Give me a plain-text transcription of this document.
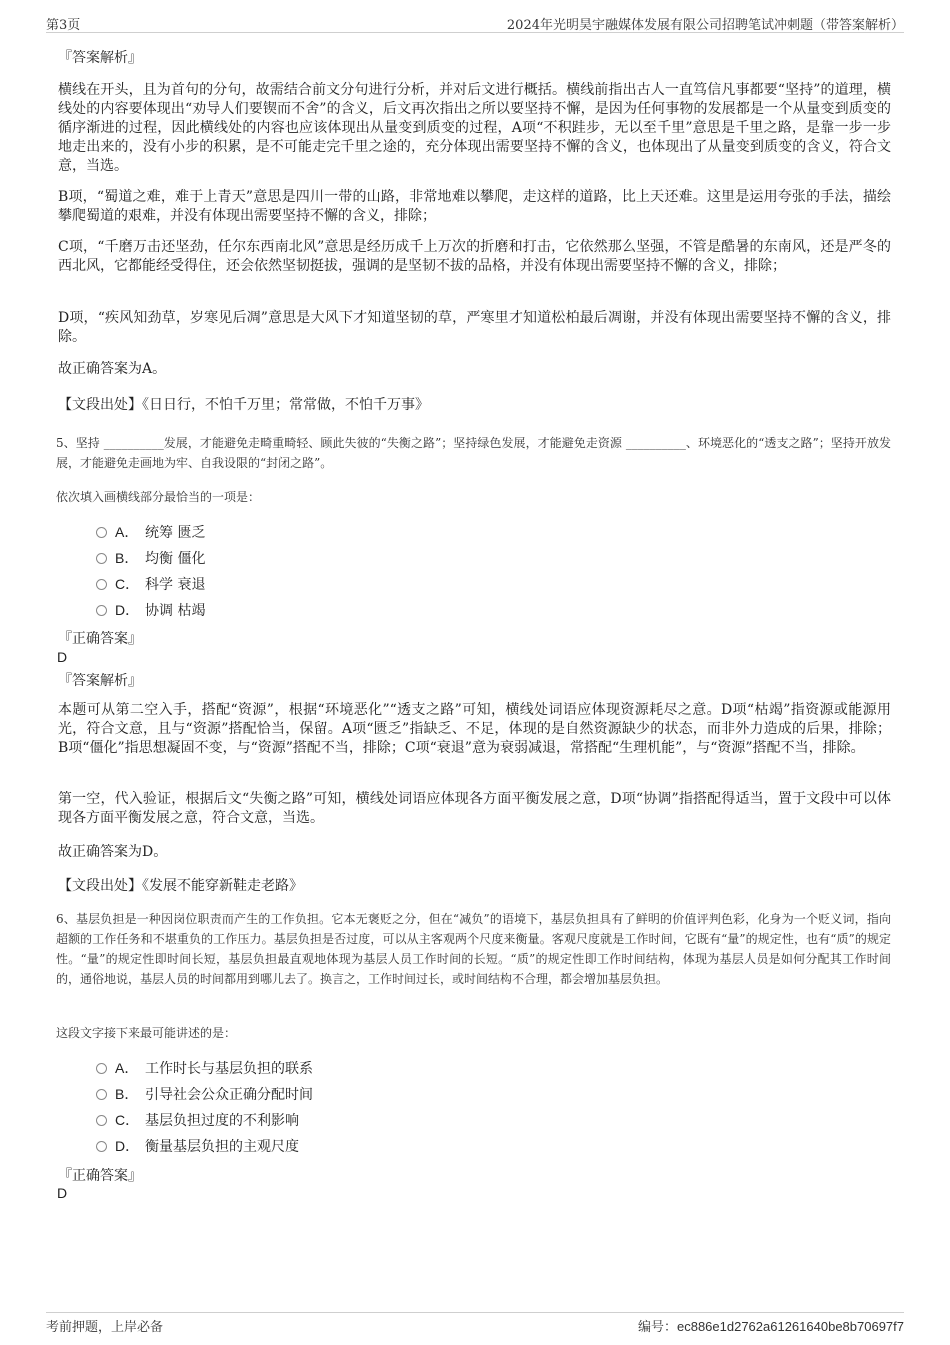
第3页	2024年光明昊宇融媒体发展有限公司招聘笔试冲刺题（带答案解析）
『答案解析』

横线在开头，且为首句的分句，故需结合前文分句进行分析，并对后文进行概括。横线前指出古人一直笃信凡事都要“坚持”的道理，横线处的内容要体现出“劝导人们要锲而不舍”的含义，后文再次指出之所以要坚持不懈，是因为任何事物的发展都是一个从量变到质变的循序渐进的过程，因此横线处的内容也应该体现出从量变到质变的过程，A项“不积跬步，无以至千里”意思是千里之路，是靠一步一步地走出来的，没有小步的积累，是不可能走完千里之途的，充分体现出需要坚持不懈的含义，也体现出了从量变到质变的含义，符合文意，当选。

B项，“蜀道之难，难于上青天”意思是四川一带的山路，非常地难以攀爬，走这样的道路，比上天还难。这里是运用夸张的手法，描绘攀爬蜀道的艰难，并没有体现出需要坚持不懈的含义，排除；

C项，“千磨万击还坚劲，任尔东西南北风”意思是经历成千上万次的折磨和打击，它依然那么坚强，不管是酷暑的东南风，还是严冬的西北风，它都能经受得住，还会依然坚韧挺拔，强调的是坚韧不拔的品格，并没有体现出需要坚持不懈的含义，排除；

D项，“疾风知劲草，岁寒见后凋”意思是大风下才知道坚韧的草，严寒里才知道松柏最后凋谢，并没有体现出需要坚持不懈的含义，排除。

故正确答案为A。

【文段出处】《日日行，不怕千万里；常常做，不怕千万事》

5、坚持 __________发展，才能避免走畸重畸轻、顾此失彼的“失衡之路”；坚持绿色发展，才能避免走资源 __________、环境恶化的“透支之路”；坚持开放发展，才能避免走画地为牢、自我设限的“封闭之路”。

依次填入画横线部分最恰当的一项是：
A． 统筹 匮乏
B． 均衡 僵化
C． 科学 衰退
D． 协调 枯竭
『正确答案』
D
『答案解析』

本题可从第二空入手，搭配“资源”，根据“环境恶化”“透支之路”可知，横线处词语应体现资源耗尽之意。D项“枯竭”指资源或能源用光，符合文意，且与“资源”搭配恰当，保留。A项“匮乏”指缺乏、不足，体现的是自然资源缺少的状态，而非外力造成的后果，排除；B项“僵化”指思想凝固不变，与“资源”搭配不当，排除；C项“衰退”意为衰弱减退，常搭配“生理机能”，与“资源”搭配不当，排除。

第一空，代入验证，根据后文“失衡之路”可知，横线处词语应体现各方面平衡发展之意，D项“协调”指搭配得适当，置于文段中可以体现各方面平衡发展之意，符合文意，当选。

故正确答案为D。

【文段出处】《发展不能穿新鞋走老路》

6、基层负担是一种因岗位职责而产生的工作负担。它本无褒贬之分，但在“减负”的语境下，基层负担具有了鲜明的价值评判色彩，化身为一个贬义词，指向超额的工作任务和不堪重负的工作压力。基层负担是否过度，可以从主客观两个尺度来衡量。客观尺度就是工作时间，它既有“量”的规定性，也有“质”的规定性。“量”的规定性即时间长短，基层负担最直观地体现为基层人员工作时间的长短。“质”的规定性即工作时间结构，体现为基层人员是如何分配其工作时间的，通俗地说，基层人员的时间都用到哪儿去了。换言之，工作时间过长，或时间结构不合理，都会增加基层负担。

这段文字接下来最可能讲述的是：
A． 工作时长与基层负担的联系
B． 引导社会公众正确分配时间
C． 基层负担过度的不利影响
D． 衡量基层负担的主观尺度
『正确答案』
D
考前押题，上岸必备	编号：ec886e1d2762a61261640be8b70697f7
